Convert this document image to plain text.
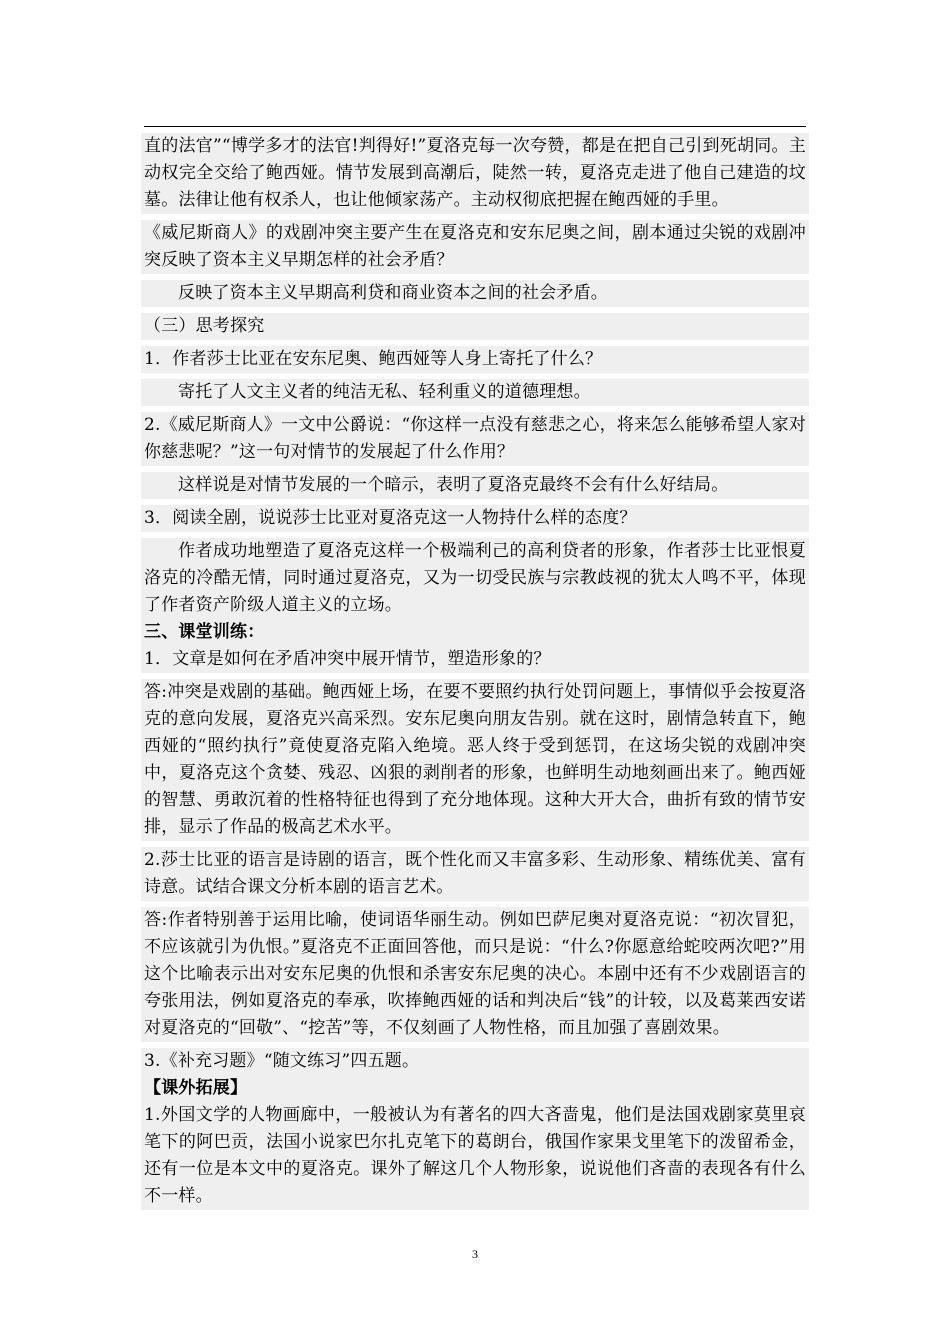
直的法官”“博学多才的法官!判得好!”夏洛克每一次夸赞，都是在把自己引到死胡同。主动权完全交给了鲍西娅。情节发展到高潮后，陡然一转，夏洛克走进了他自己建造的坟墓。法律让他有权杀人，也让他倾家荡产。主动权彻底把握在鲍西娅的手里。
《威尼斯商人》的戏剧冲突主要产生在夏洛克和安东尼奥之间，剧本通过尖锐的戏剧冲突反映了资本主义早期怎样的社会矛盾？
反映了资本主义早期高利贷和商业资本之间的社会矛盾。
（三）思考探究
1．作者莎士比亚在安东尼奥、鲍西娅等人身上寄托了什么？
寄托了人文主义者的纯洁无私、轻利重义的道德理想。
2.《威尼斯商人》一文中公爵说：“你这样一点没有慈悲之心，将来怎么能够希望人家对你慈悲呢？”这一句对情节的发展起了什么作用？
这样说是对情节发展的一个暗示，表明了夏洛克最终不会有什么好结局。
3．阅读全剧，说说莎士比亚对夏洛克这一人物持什么样的态度？
作者成功地塑造了夏洛克这样一个极端利己的高利贷者的形象，作者莎士比亚恨夏洛克的冷酷无情，同时通过夏洛克，又为一切受民族与宗教歧视的犹太人鸣不平，体现了作者资产阶级人道主义的立场。
三、课堂训练：
1．文章是如何在矛盾冲突中展开情节，塑造形象的？
答:冲突是戏剧的基础。鲍西娅上场，在要不要照约执行处罚问题上，事情似乎会按夏洛克的意向发展，夏洛克兴高采烈。安东尼奥向朋友告别。就在这时，剧情急转直下，鲍西娅的“照约执行”竟使夏洛克陷入绝境。恶人终于受到惩罚，在这场尖锐的戏剧冲突中，夏洛克这个贪婪、残忍、凶狠的剥削者的形象，也鲜明生动地刻画出来了。鲍西娅的智慧、勇敢沉着的性格特征也得到了充分地体现。这种大开大合，曲折有致的情节安排，显示了作品的极高艺术水平。
2.莎士比亚的语言是诗剧的语言，既个性化而又丰富多彩、生动形象、精练优美、富有诗意。试结合课文分析本剧的语言艺术。
答:作者特别善于运用比喻，使词语华丽生动。例如巴萨尼奥对夏洛克说：“初次冒犯，不应该就引为仇恨。”夏洛克不正面回答他，而只是说：“什么?你愿意给蛇咬两次吧?”用这个比喻表示出对安东尼奥的仇恨和杀害安东尼奥的决心。本剧中还有不少戏剧语言的夸张用法，例如夏洛克的奉承，吹捧鲍西娅的话和判决后“钱”的计较，以及葛莱西安诺对夏洛克的“回敬”、“挖苦”等，不仅刻画了人物性格，而且加强了喜剧效果。
3.《补充习题》“随文练习”四五题。
【课外拓展】
1.外国文学的人物画廊中，一般被认为有著名的四大吝啬鬼，他们是法国戏剧家莫里哀笔下的阿巴贡，法国小说家巴尔扎克笔下的葛朗台，俄国作家果戈里笔下的泼留希金，还有一位是本文中的夏洛克。课外了解这几个人物形象，说说他们吝啬的表现各有什么不一样。
3
